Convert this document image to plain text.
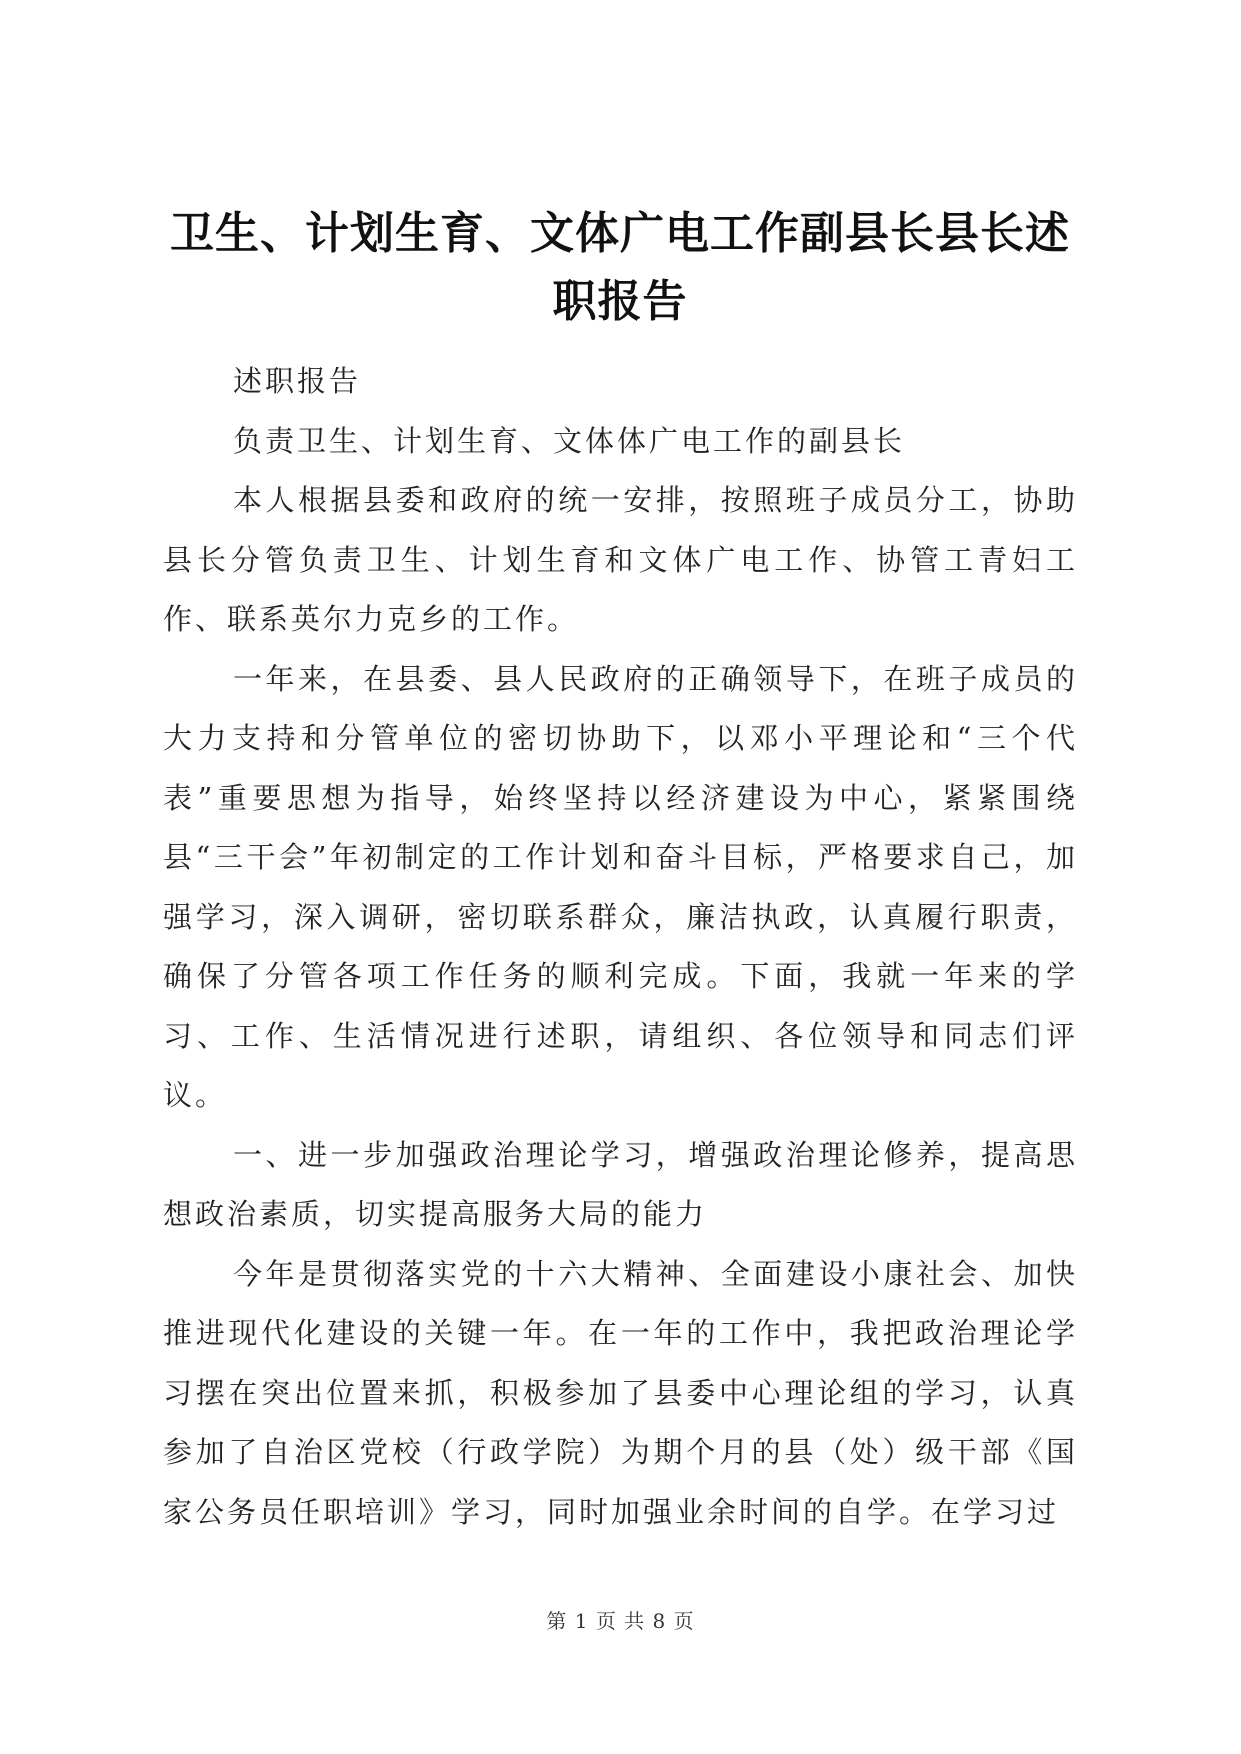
卫生、计划生育、文体广电工作副县长县长述职报告

述职报告

负责卫生、计划生育、文体体广电工作的副县长

本人根据县委和政府的统一安排，按照班子成员分工，协助县长分管负责卫生、计划生育和文体广电工作、协管工青妇工作、联系英尔力克乡的工作。

一年来，在县委、县人民政府的正确领导下，在班子成员的大力支持和分管单位的密切协助下，以邓小平理论和“三个代表”重要思想为指导，始终坚持以经济建设为中心，紧紧围绕县“三干会”年初制定的工作计划和奋斗目标，严格要求自己，加强学习，深入调研，密切联系群众，廉洁执政，认真履行职责，确保了分管各项工作任务的顺利完成。下面，我就一年来的学习、工作、生活情况进行述职，请组织、各位领导和同志们评议。

一、进一步加强政治理论学习，增强政治理论修养，提高思想政治素质，切实提高服务大局的能力

今年是贯彻落实党的十六大精神、全面建设小康社会、加快推进现代化建设的关键一年。在一年的工作中，我把政治理论学习摆在突出位置来抓，积极参加了县委中心理论组的学习，认真参加了自治区党校（行政学院）为期个月的县（处）级干部《国家公务员任职培训》学习，同时加强业余时间的自学。在学习过

第 1 页 共 8 页
